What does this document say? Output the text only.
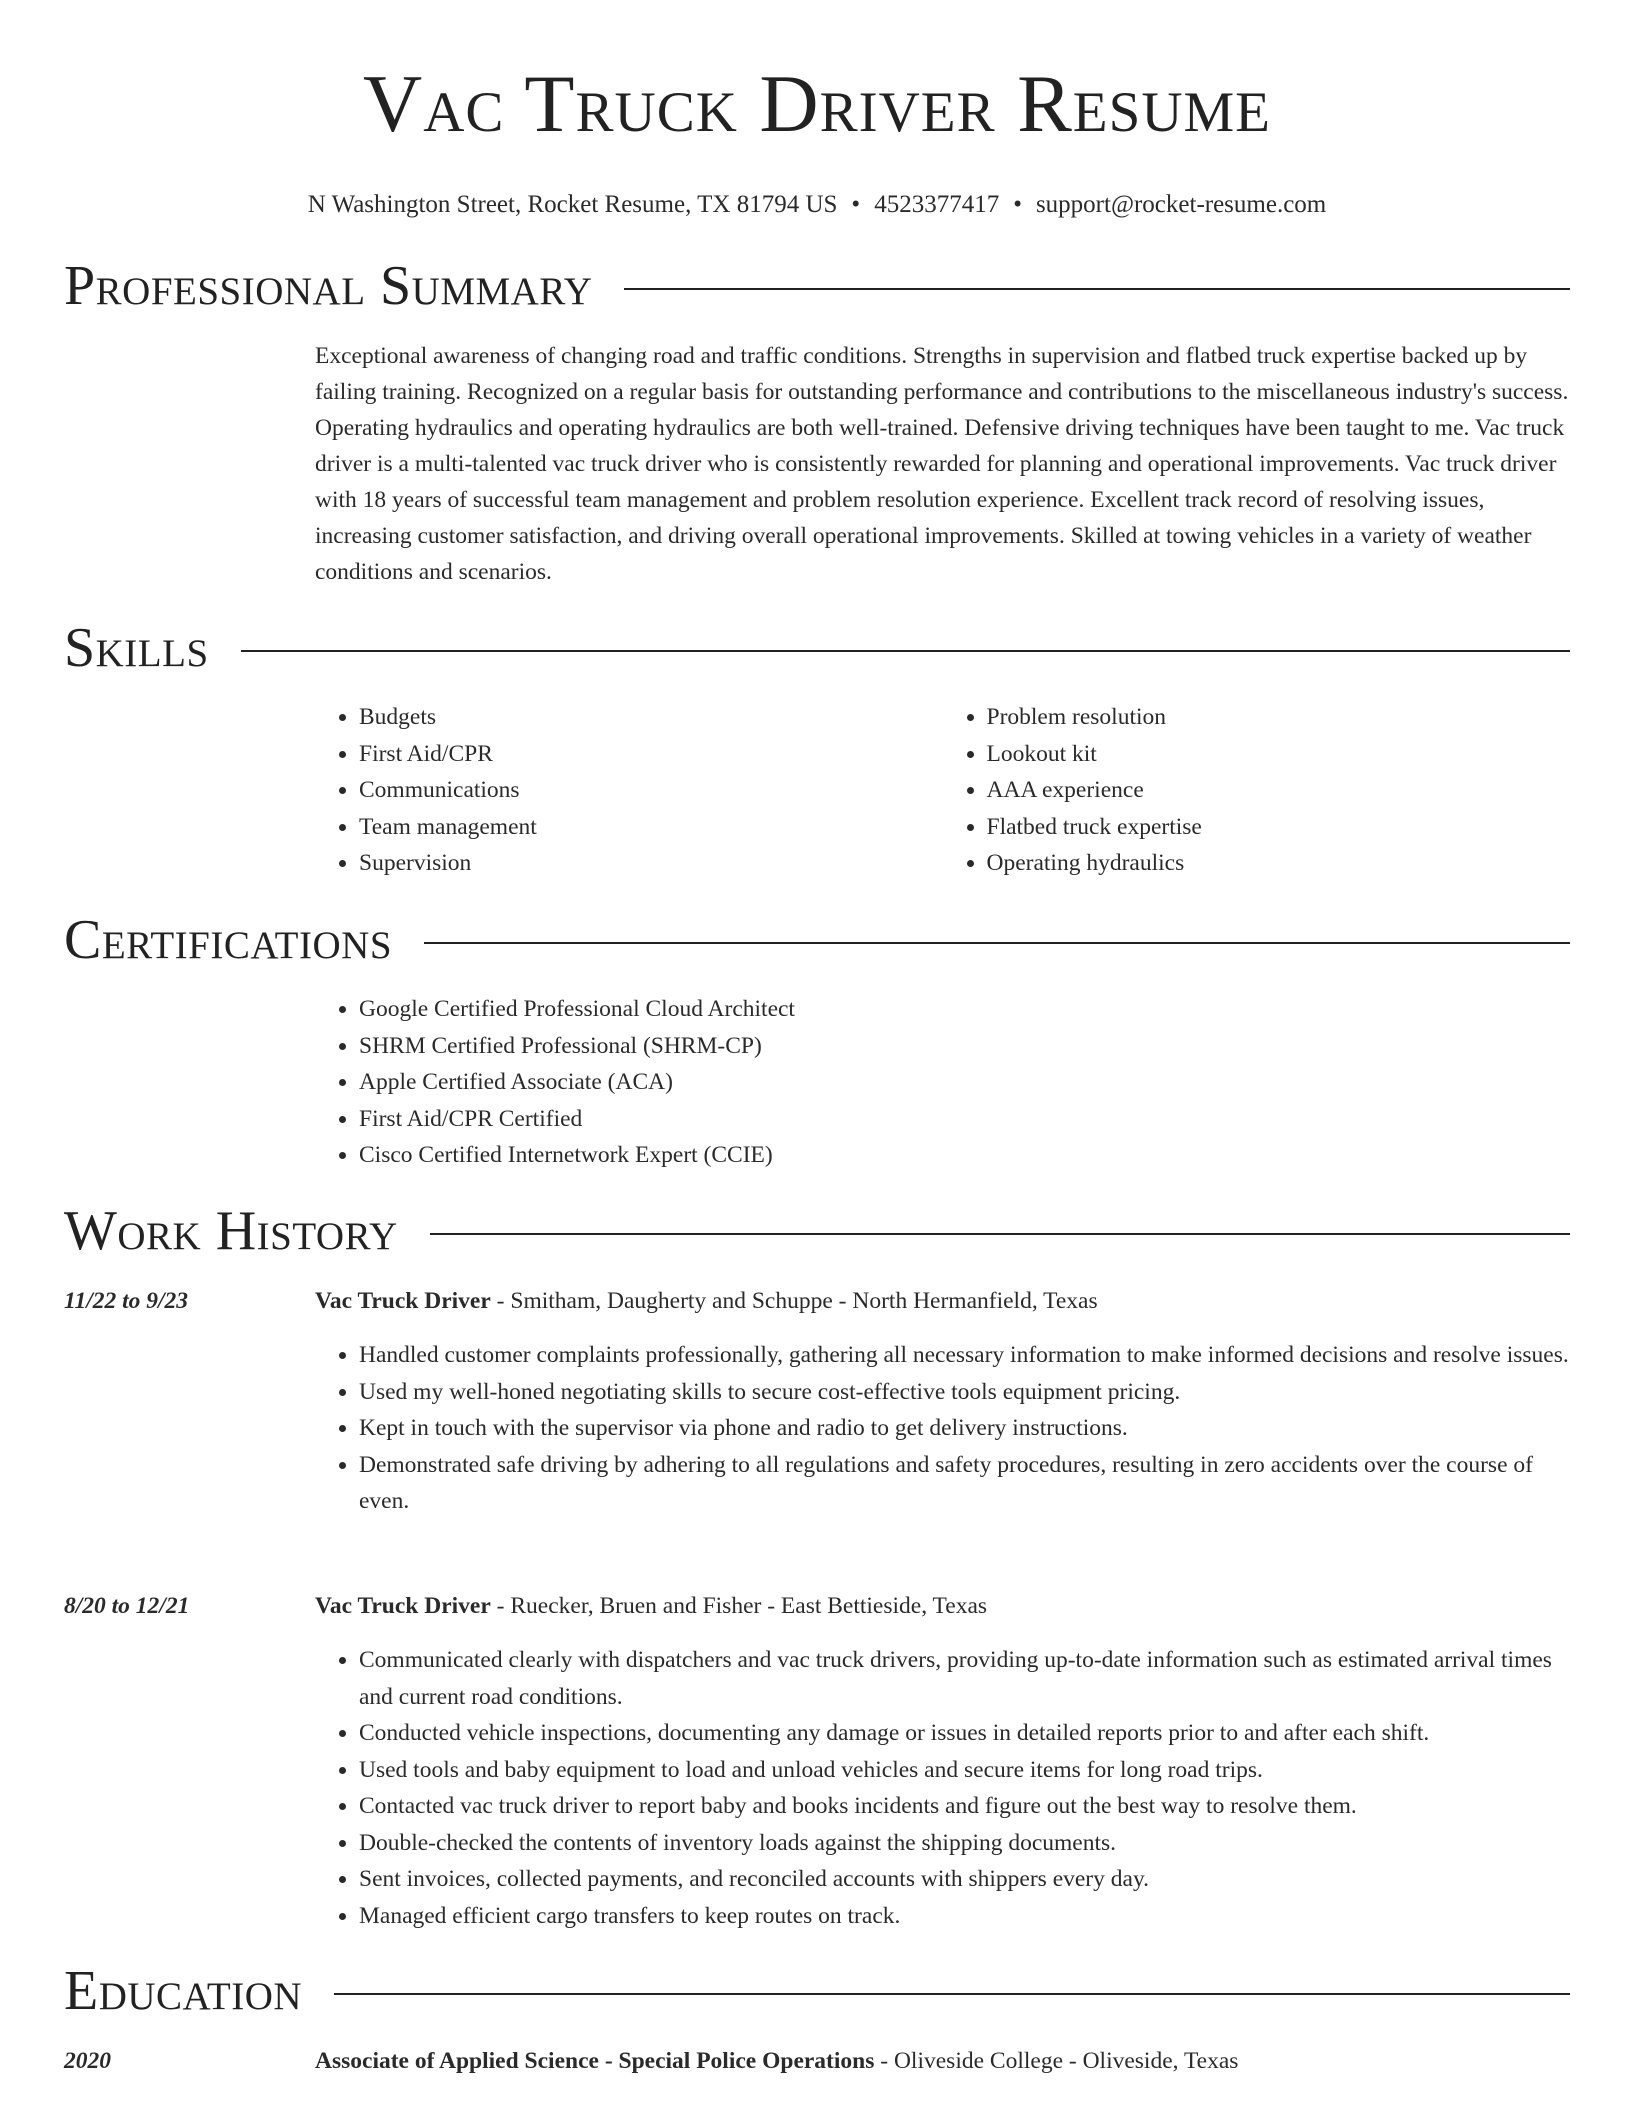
Vac Truck Driver Resume
N Washington Street, Rocket Resume, TX 81794 US • 4523377417 • support@rocket-resume.com
Professional Summary
Exceptional awareness of changing road and traffic conditions. Strengths in supervision and flatbed truck expertise backed up by failing training. Recognized on a regular basis for outstanding performance and contributions to the miscellaneous industry's success. Operating hydraulics and operating hydraulics are both well-trained. Defensive driving techniques have been taught to me. Vac truck driver is a multi-talented vac truck driver who is consistently rewarded for planning and operational improvements. Vac truck driver with 18 years of successful team management and problem resolution experience. Excellent track record of resolving issues, increasing customer satisfaction, and driving overall operational improvements. Skilled at towing vehicles in a variety of weather conditions and scenarios.
Skills
• Budgets
• First Aid/CPR
• Communications
• Team management
• Supervision
• Problem resolution
• Lookout kit
• AAA experience
• Flatbed truck expertise
• Operating hydraulics
Certifications
• Google Certified Professional Cloud Architect
• SHRM Certified Professional (SHRM-CP)
• Apple Certified Associate (ACA)
• First Aid/CPR Certified
• Cisco Certified Internetwork Expert (CCIE)
Work History
11/22 to 9/23	Vac Truck Driver - Smitham, Daugherty and Schuppe - North Hermanfield, Texas
• Handled customer complaints professionally, gathering all necessary information to make informed decisions and resolve issues.
• Used my well-honed negotiating skills to secure cost-effective tools equipment pricing.
• Kept in touch with the supervisor via phone and radio to get delivery instructions.
• Demonstrated safe driving by adhering to all regulations and safety procedures, resulting in zero accidents over the course of even.
8/20 to 12/21	Vac Truck Driver - Ruecker, Bruen and Fisher - East Bettieside, Texas
• Communicated clearly with dispatchers and vac truck drivers, providing up-to-date information such as estimated arrival times and current road conditions.
• Conducted vehicle inspections, documenting any damage or issues in detailed reports prior to and after each shift.
• Used tools and baby equipment to load and unload vehicles and secure items for long road trips.
• Contacted vac truck driver to report baby and books incidents and figure out the best way to resolve them.
• Double-checked the contents of inventory loads against the shipping documents.
• Sent invoices, collected payments, and reconciled accounts with shippers every day.
• Managed efficient cargo transfers to keep routes on track.
Education
2020	Associate of Applied Science - Special Police Operations - Oliveside College - Oliveside, Texas
